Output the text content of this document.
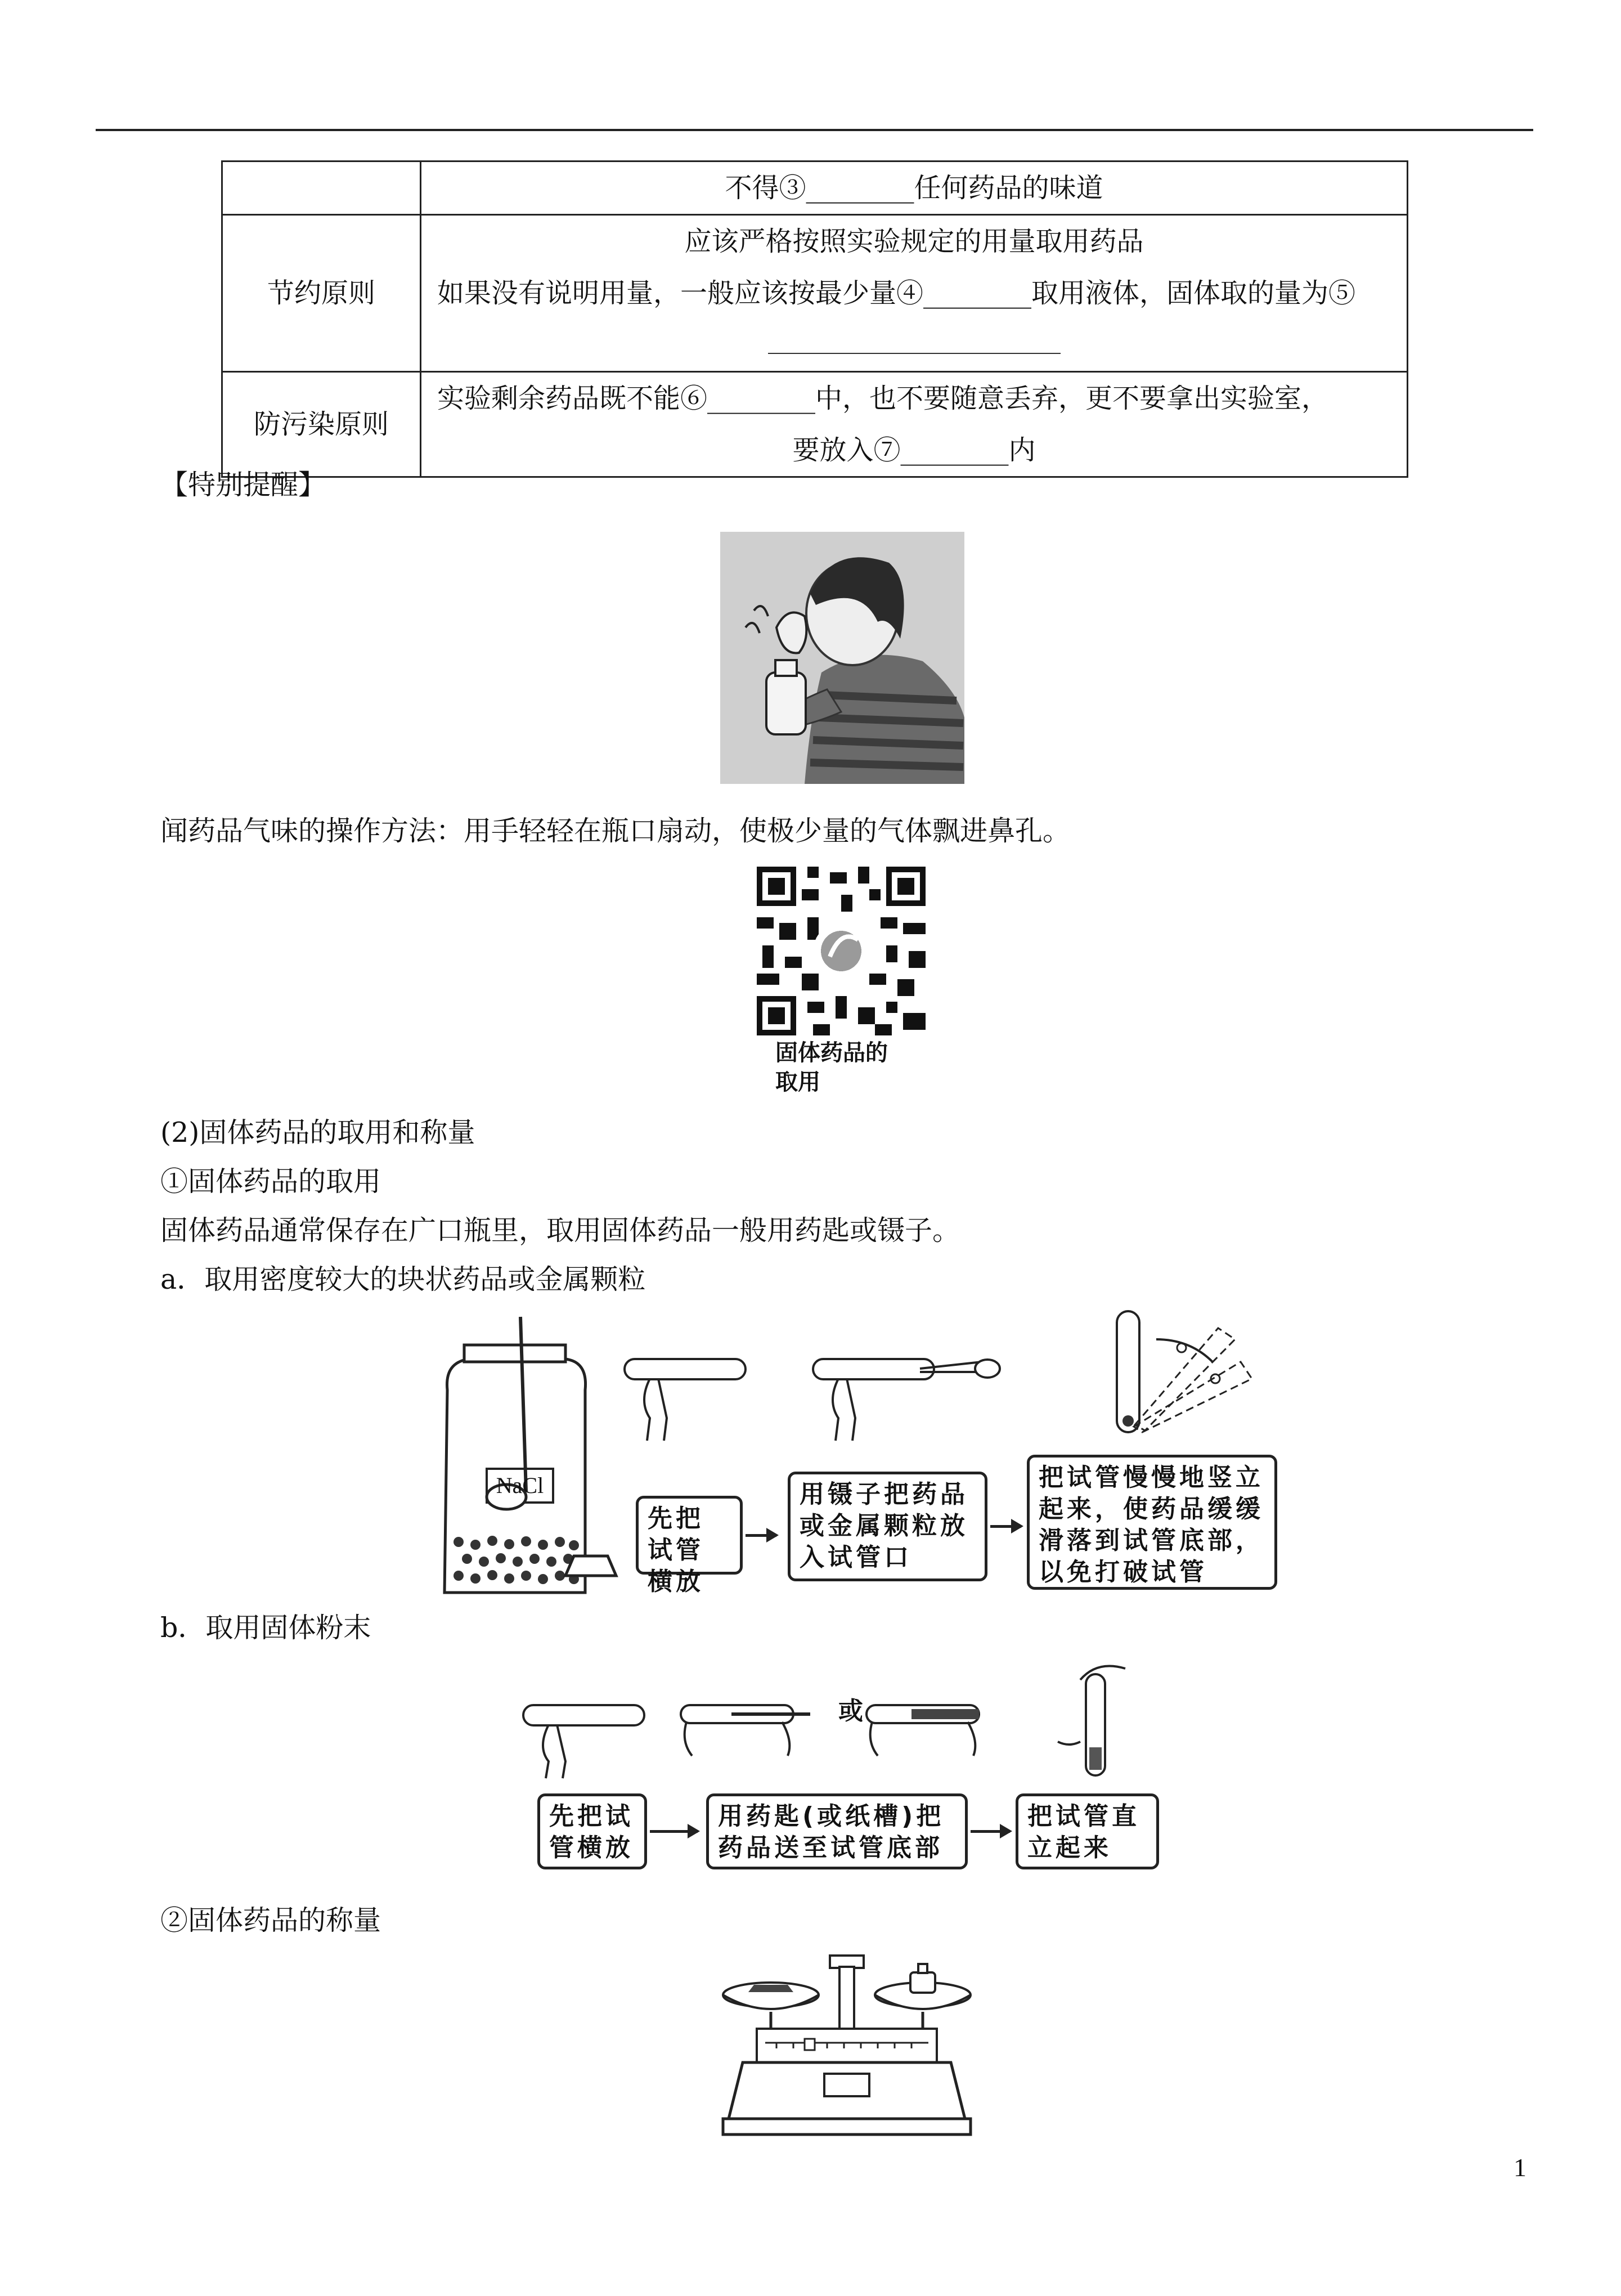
	不得③________任何药品的味道
节约原则	应该严格按照实验规定的用量取用药品
如果没有说明用量，一般应该按最少量④________取用液体，固体取的量为⑤

防污染原则	实验剩余药品既不能⑥________中，也不要随意丢弃，更不要拿出实验室，
要放入⑦________内
【特别提醒】
闻药品气味的操作方法：用手轻轻在瓶口扇动，使极少量的气体飘进鼻孔。
固体药品的
取用
(2)固体药品的取用和称量
①固体药品的取用
固体药品通常保存在广口瓶里，取用固体药品一般用药匙或镊子。
a．取用密度较大的块状药品或金属颗粒
NaCl
先把试管横放
用镊子把药品或金属颗粒放入试管口
把试管慢慢地竖立起来，使药品缓缓滑落到试管底部，以免打破试管
b．取用固体粉末
或
先把试管横放
用药匙(或纸槽)把药品送至试管底部
把试管直立起来
②固体药品的称量
1
